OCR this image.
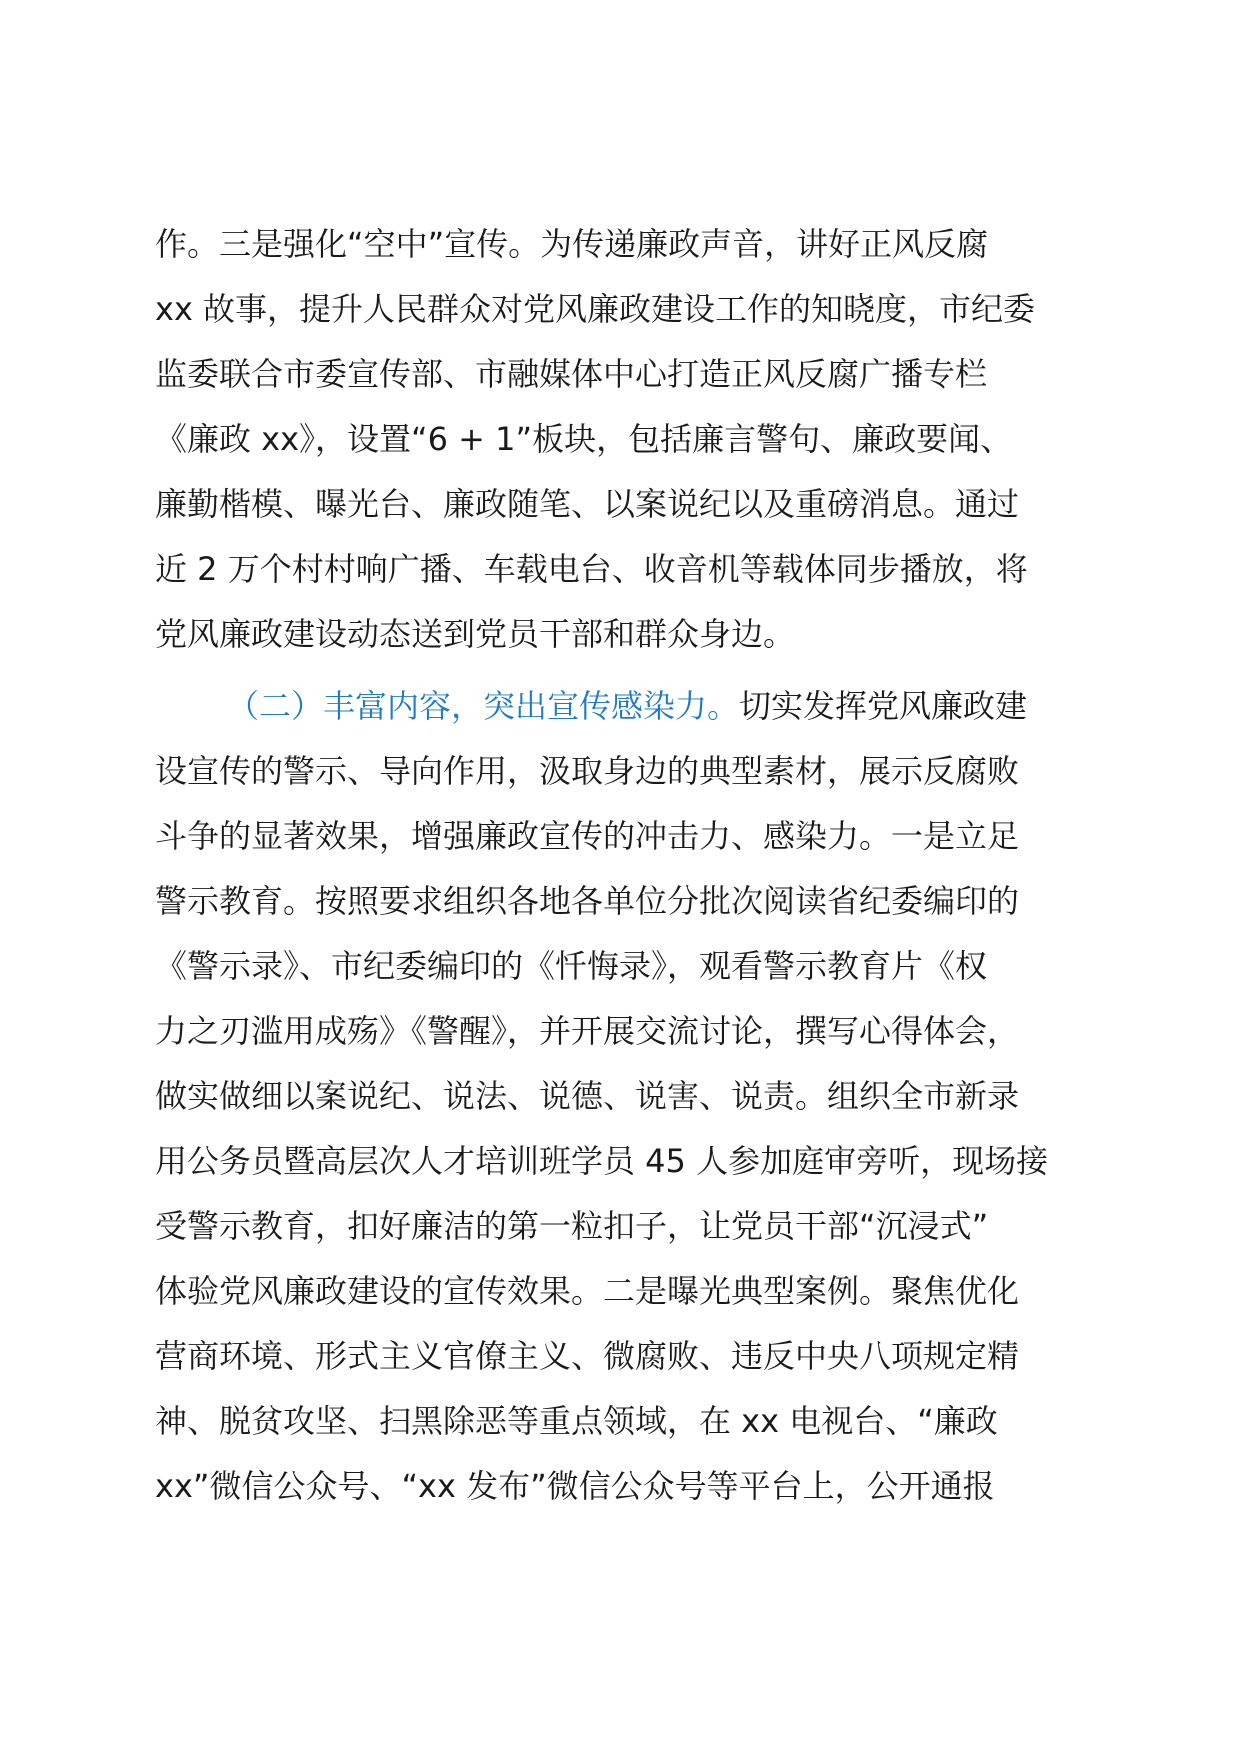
作。三是强化“空中”宣传。为传递廉政声音，讲好正风反腐
xx 故事，提升人民群众对党风廉政建设工作的知晓度，市纪委
监委联合市委宣传部、市融媒体中心打造正风反腐广播专栏
《廉政 xx》，设置“6 + 1”板块，包括廉言警句、廉政要闻、
廉勤楷模、曝光台、廉政随笔、以案说纪以及重磅消息。通过
近 2 万个村村响广播、车载电台、收音机等载体同步播放，将
党风廉政建设动态送到党员干部和群众身边。
（二）丰富内容，突出宣传感染力。切实发挥党风廉政建
设宣传的警示、导向作用，汲取身边的典型素材，展示反腐败
斗争的显著效果，增强廉政宣传的冲击力、感染力。一是立足
警示教育。按照要求组织各地各单位分批次阅读省纪委编印的
《警示录》、市纪委编印的《忏悔录》，观看警示教育片《权
力之刃滥用成殇》《警醒》，并开展交流讨论，撰写心得体会，
做实做细以案说纪、说法、说德、说害、说责。组织全市新录
用公务员暨高层次人才培训班学员 45 人参加庭审旁听，现场接
受警示教育，扣好廉洁的第一粒扣子，让党员干部“沉浸式”
体验党风廉政建设的宣传效果。二是曝光典型案例。聚焦优化
营商环境、形式主义官僚主义、微腐败、违反中央八项规定精
神、脱贫攻坚、扫黑除恶等重点领域，在 xx 电视台、“廉政
xx”微信公众号、“xx 发布”微信公众号等平台上，公开通报
